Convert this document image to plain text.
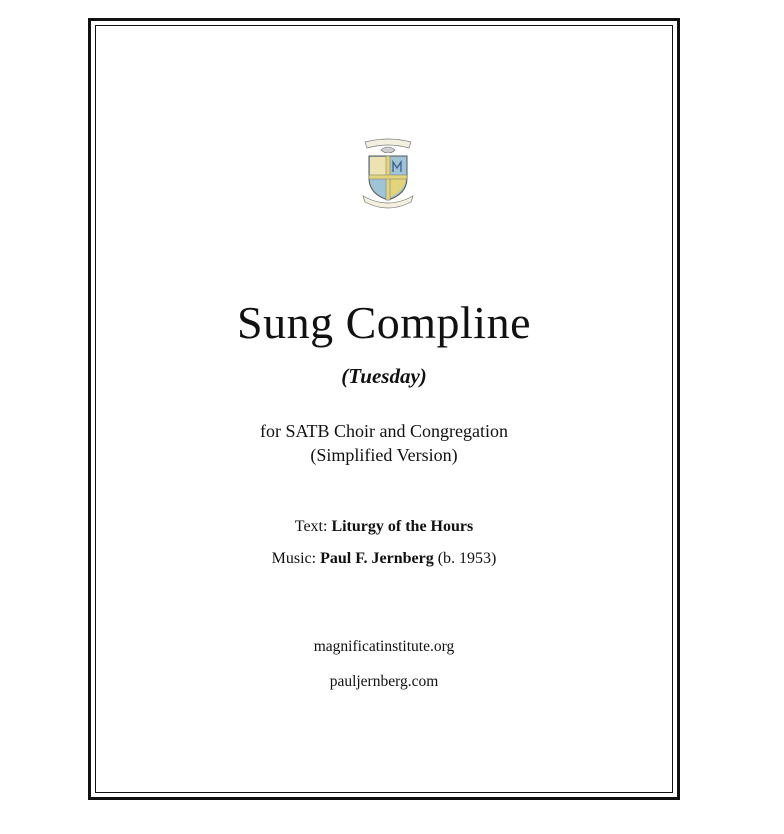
Sung Compline
(Tuesday)
for SATB Choir and Congregation
(Simplified Version)
Text: Liturgy of the Hours
Music: Paul F. Jernberg (b. 1953)
magnificatinstitute.org
pauljernberg.com
